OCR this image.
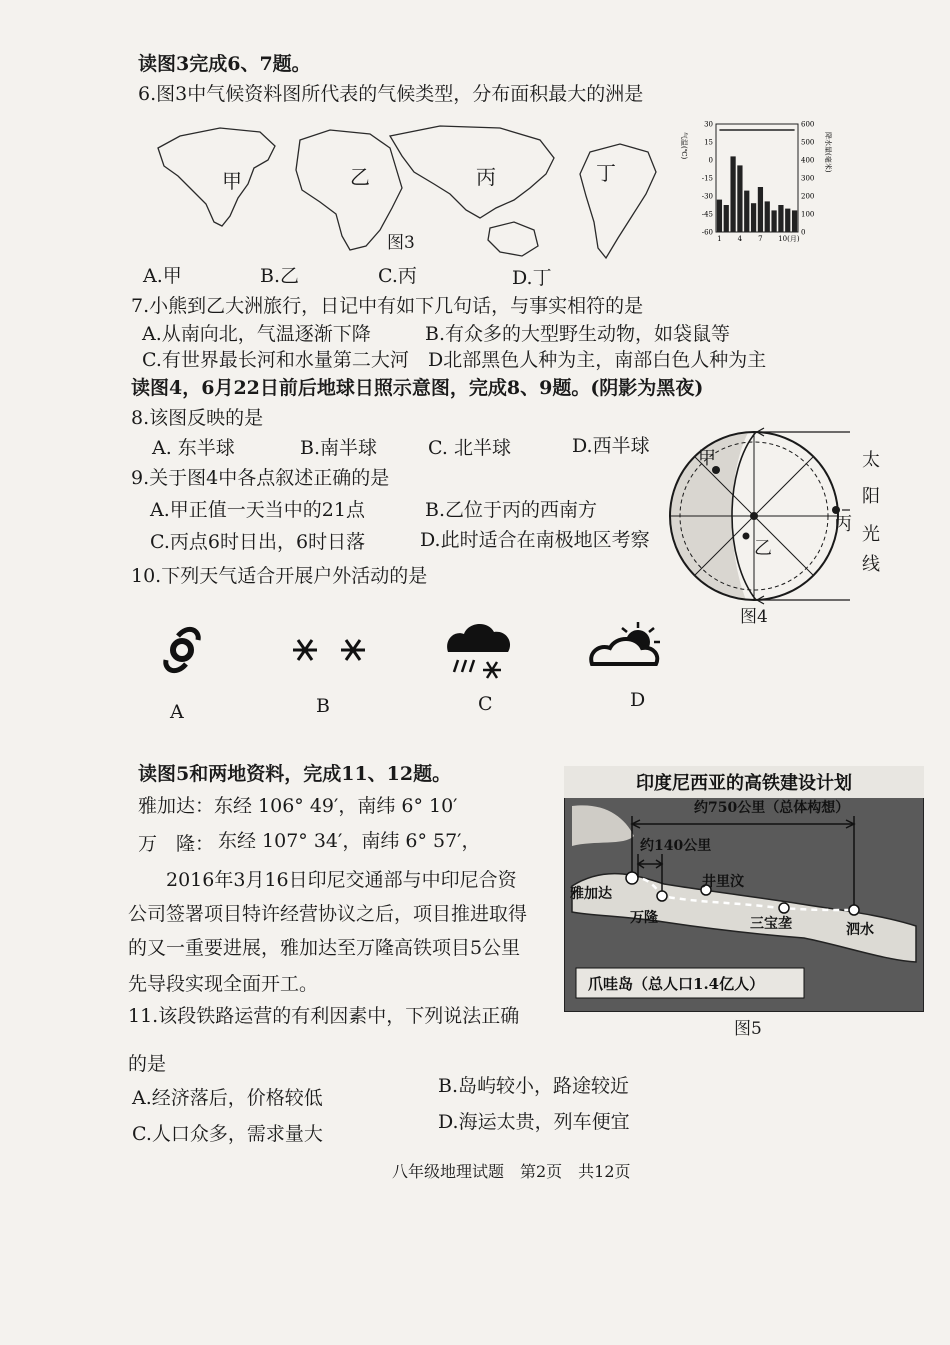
读图3完成6、7题。
6.图3中气候资料图所代表的气候类型，分布面积最大的洲是
甲	乙	丙	丁
图3
气温(℃)	降水量(毫米)
30
15
0
-15
-30
-45
-60
600
500
400
300
200
100
0
1 4 7 10(月)
A.甲	B.乙	C.丙	D.丁
7.小熊到乙大洲旅行，日记中有如下几句话，与事实相符的是
A.从南向北，气温逐渐下降	B.有众多的大型野生动物，如袋鼠等
C.有世界最长河和水量第二大河 D北部黑色人种为主，南部白色人种为主
读图4，6月22日前后地球日照示意图，完成8、9题。(阴影为黑夜)
8.该图反映的是
A. 东半球	B.南半球	C. 北半球	D.西半球
9.关于图4中各点叙述正确的是
A.甲正值一天当中的21点	B.乙位于丙的西南方
C.丙点6时日出，6时日落	D.此时适合在南极地区考察
甲
乙
丙
太
阳
光
线
图4
10.下列天气适合开展户外活动的是
A	B	C	D
读图5和两地资料，完成11、12题。
雅加达：东经 106° 49′，南纬 6° 10′
万　隆： 东经 107° 34′，南纬 6° 57′，
　　2016年3月16日印尼交通部与中印尼合资
公司签署项目特许经营协议之后，项目推进取得
的又一重要进展，雅加达至万隆高铁项目5公里
先导段实现全面开工。
印度尼西亚的高铁建设计划
约750公里（总体构想）
约140公里
雅加达
万隆
井里汶
三宝垄	泗水
爪哇岛（总人口1.4亿人）
图5
11.该段铁路运营的有利因素中，下列说法正确
的是
A.经济落后，价格较低
B.岛屿较小，路途较近
C.人口众多，需求量大
D.海运太贵，列车便宜
八年级地理试题　第2页　共12页
